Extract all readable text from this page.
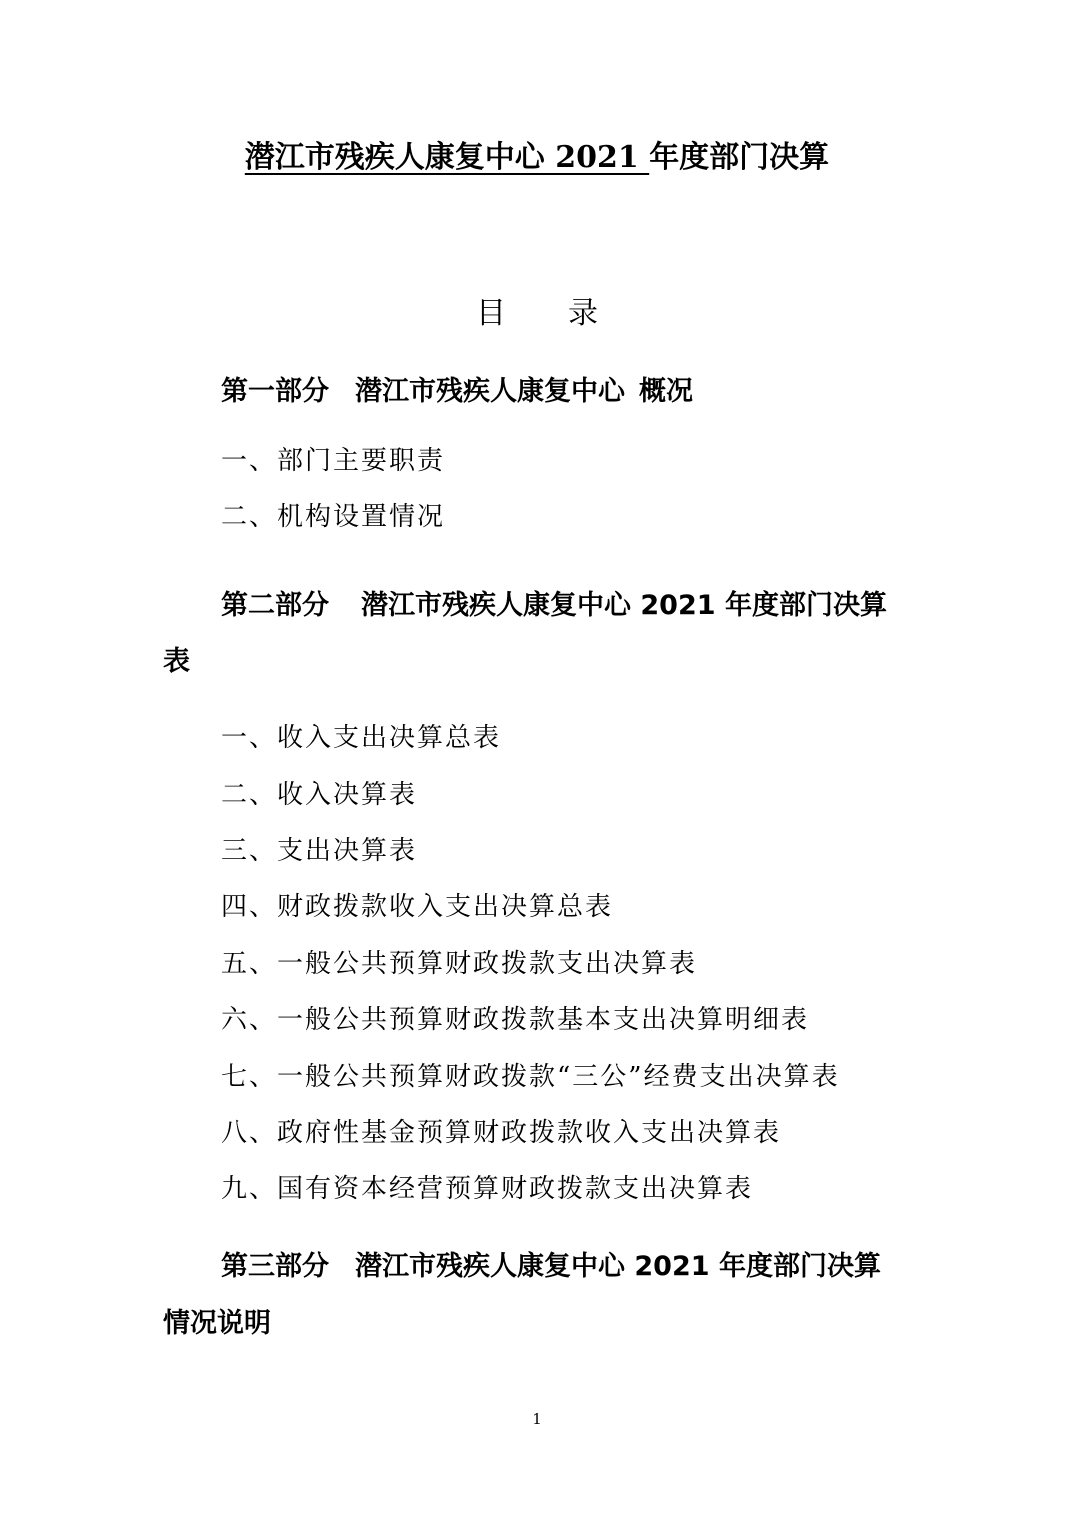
潜江市残疾人康复中心 2021 年度部门决算
目录
第一部分 潜江市残疾人康复中心 概况
一、部门主要职责
二、机构设置情况
第二部分 潜江市残疾人康复中心 2021 年度部门决算
表
一、收入支出决算总表
二、收入决算表
三、支出决算表
四、财政拨款收入支出决算总表
五、一般公共预算财政拨款支出决算表
六、一般公共预算财政拨款基本支出决算明细表
七、一般公共预算财政拨款“三公”经费支出决算表
八、政府性基金预算财政拨款收入支出决算表
九、国有资本经营预算财政拨款支出决算表
第三部分 潜江市残疾人康复中心 2021 年度部门决算
情况说明
1
